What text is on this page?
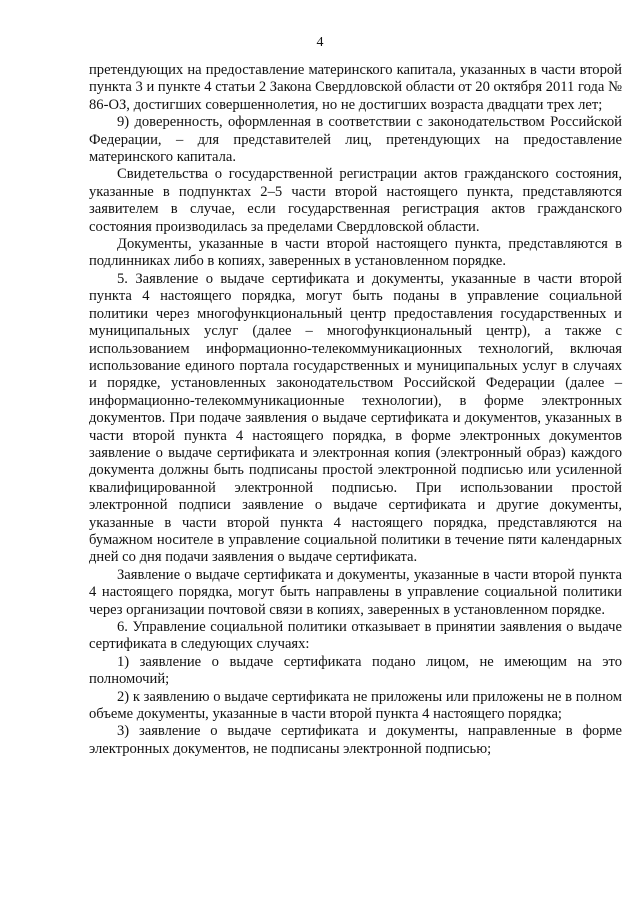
4

претендующих на предоставление материнского капитала, указанных в части второй пункта 3 и пункте 4 статьи 2 Закона Свердловской области от 20 октября 2011 года № 86-ОЗ, достигших совершеннолетия, но не достигших возраста двадцати трех лет;

9) доверенность, оформленная в соответствии с законодательством Российской Федерации, – для представителей лиц, претендующих на предоставление материнского капитала.

Свидетельства о государственной регистрации актов гражданского состояния, указанные в подпунктах 2–5 части второй настоящего пункта, представляются заявителем в случае, если государственная регистрация актов гражданского состояния производилась за пределами Свердловской области.

Документы, указанные в части второй настоящего пункта, представляются в подлинниках либо в копиях, заверенных в установленном порядке.

5. Заявление о выдаче сертификата и документы, указанные в части второй пункта 4 настоящего порядка, могут быть поданы в управление социальной политики через многофункциональный центр предоставления государственных и муниципальных услуг (далее – многофункциональный центр), а также с использованием информационно-телекоммуникационных технологий, включая использование единого портала государственных и муниципальных услуг в случаях и порядке, установленных законодательством Российской Федерации (далее – информационно-телекоммуникационные технологии), в форме электронных документов. При подаче заявления о выдаче сертификата и документов, указанных в части второй пункта 4 настоящего порядка, в форме электронных документов заявление о выдаче сертификата и электронная копия (электронный образ) каждого документа должны быть подписаны простой электронной подписью или усиленной квалифицированной электронной подписью. При использовании простой электронной подписи заявление о выдаче сертификата и другие документы, указанные в части второй пункта 4 настоящего порядка, представляются на бумажном носителе в управление социальной политики в течение пяти календарных дней со дня подачи заявления о выдаче сертификата.

Заявление о выдаче сертификата и документы, указанные в части второй пункта 4 настоящего порядка, могут быть направлены в управление социальной политики через организации почтовой связи в копиях, заверенных в установленном порядке.

6. Управление социальной политики отказывает в принятии заявления о выдаче сертификата в следующих случаях:

1) заявление о выдаче сертификата подано лицом, не имеющим на это полномочий;

2) к заявлению о выдаче сертификата не приложены или приложены не в полном объеме документы, указанные в части второй пункта 4 настоящего порядка;

3) заявление о выдаче сертификата и документы, направленные в форме электронных документов, не подписаны электронной подписью;
